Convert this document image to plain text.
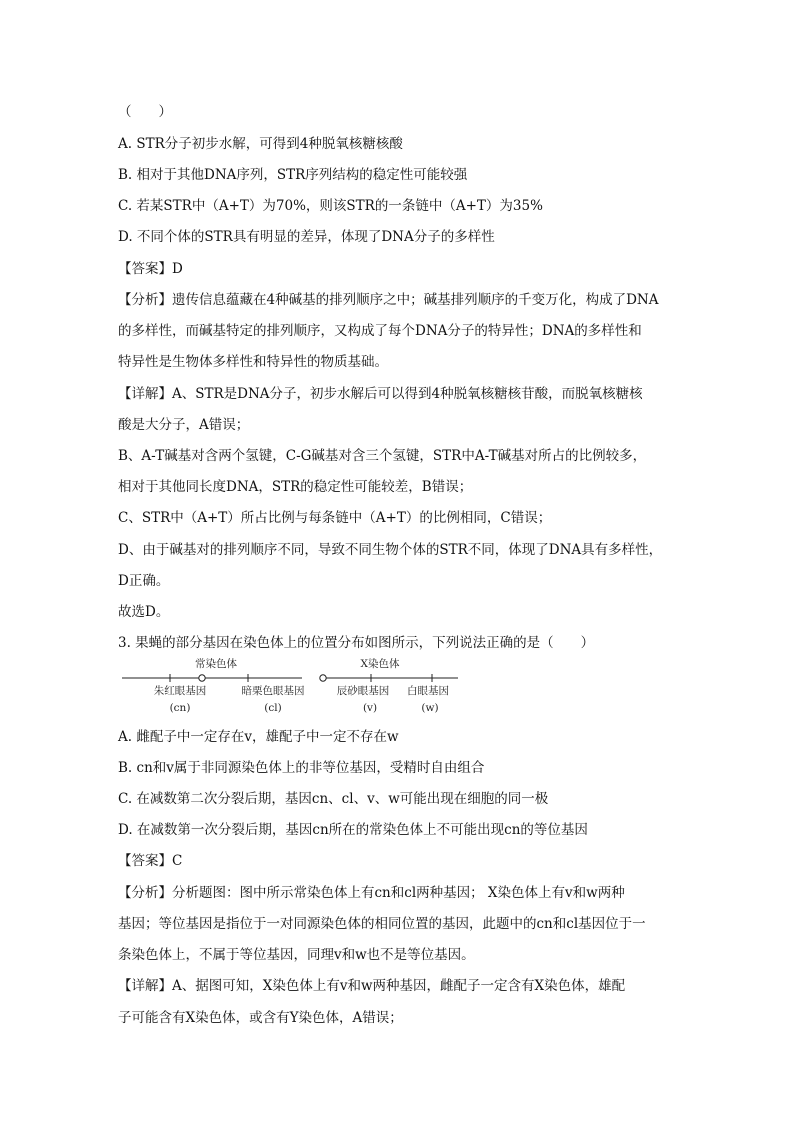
（　　）
A. STR分子初步水解，可得到4种脱氧核糖核酸
B. 相对于其他DNA序列，STR序列结构的稳定性可能较强
C. 若某STR中（A+T）为70%，则该STR的一条链中（A+T）为35%
D. 不同个体的STR具有明显的差异，体现了DNA分子的多样性
【答案】D
【分析】遗传信息蕴藏在4种碱基的排列顺序之中；碱基排列顺序的千变万化，构成了DNA
的多样性，而碱基特定的排列顺序，又构成了每个DNA分子的特异性；DNA的多样性和
特异性是生物体多样性和特异性的物质基础。
【详解】A、STR是DNA分子，初步水解后可以得到4种脱氧核糖核苷酸，而脱氧核糖核
酸是大分子，A错误；
B、A-T碱基对含两个氢键，C-G碱基对含三个氢键，STR中A-T碱基对所占的比例较多，
相对于其他同长度DNA，STR的稳定性可能较差，B错误；
C、STR中（A+T）所占比例与每条链中（A+T）的比例相同，C错误；
D、由于碱基对的排列顺序不同，导致不同生物个体的STR不同，体现了DNA具有多样性，
D正确。
故选D。
3. 果蝇的部分基因在染色体上的位置分布如图所示，下列说法正确的是（　　）
常染色体
朱红眼基因
(cn)
暗栗色眼基因
(cl)
X染色体
辰砂眼基因
(v)
白眼基因
(w)
A. 雌配子中一定存在v，雄配子中一定不存在w
B. cn和v属于非同源染色体上的非等位基因，受精时自由组合
C. 在减数第二次分裂后期，基因cn、cl、v、w可能出现在细胞的同一极
D. 在减数第一次分裂后期，基因cn所在的常染色体上不可能出现cn的等位基因
【答案】C
【分析】分析题图：图中所示常染色体上有cn和cl两种基因； X染色体上有v和w两种
基因；等位基因是指位于一对同源染色体的相同位置的基因，此题中的cn和cl基因位于一
条染色体上，不属于等位基因，同理v和w也不是等位基因。
【详解】A、据图可知，X染色体上有v和w两种基因，雌配子一定含有X染色体，雄配
子可能含有X染色体，或含有Y染色体，A错误；
